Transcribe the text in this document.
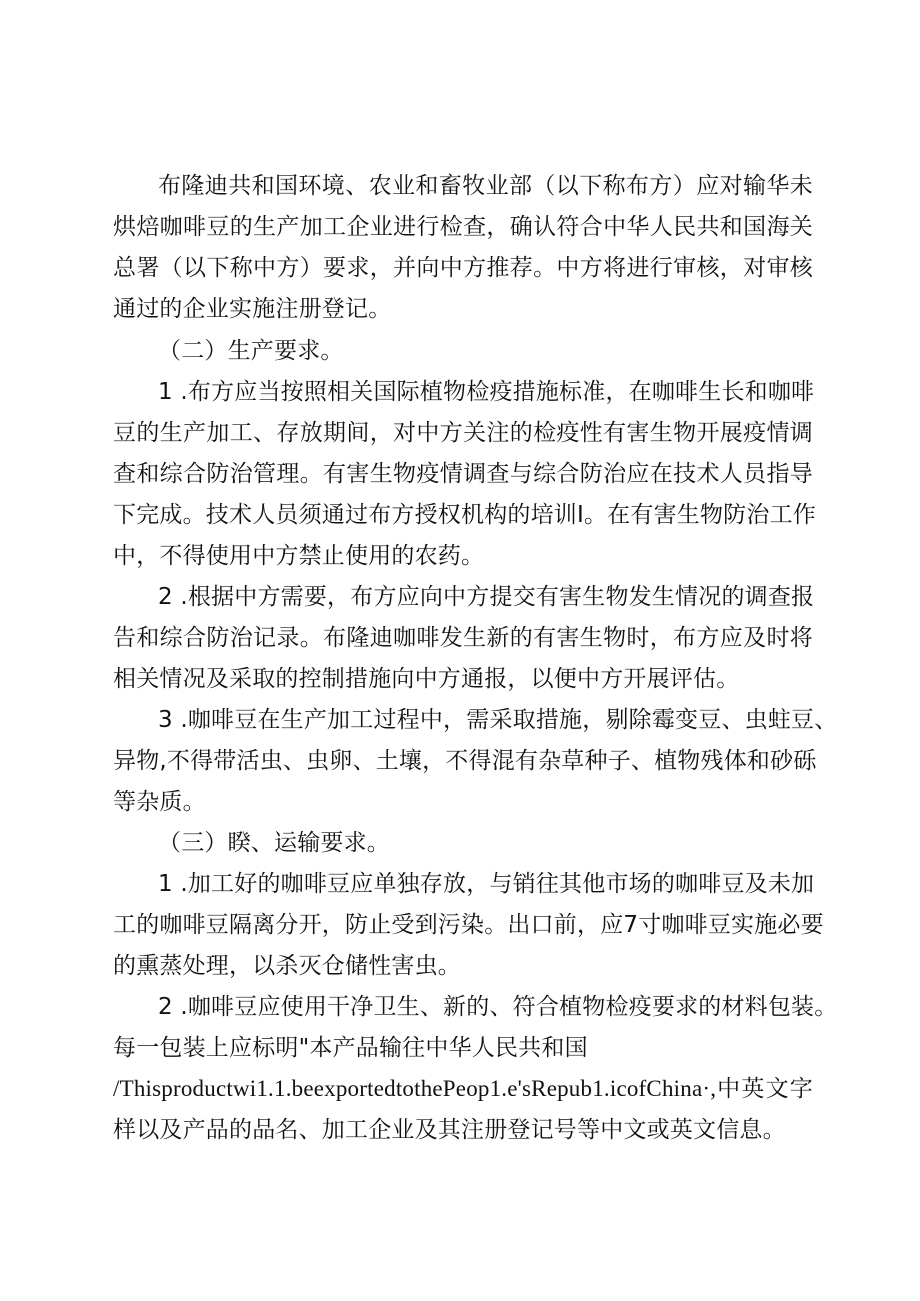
布隆迪共和国环境、农业和畜牧业部（以下称布方）应对输华未
烘焙咖啡豆的生产加工企业进行检查，确认符合中华人民共和国海关
总署（以下称中方）要求，并向中方推荐。中方将进行审核，对审核
通过的企业实施注册登记。
（二）生产要求。
1 .布方应当按照相关国际植物检疫措施标准，在咖啡生长和咖啡
豆的生产加工、存放期间，对中方关注的检疫性有害生物开展疫情调
查和综合防治管理。有害生物疫情调查与综合防治应在技术人员指导
下完成。技术人员须通过布方授权机构的培训I。在有害生物防治工作
中，不得使用中方禁止使用的农药。
2 .根据中方需要，布方应向中方提交有害生物发生情况的调查报
告和综合防治记录。布隆迪咖啡发生新的有害生物时，布方应及时将
相关情况及采取的控制措施向中方通报，以便中方开展评估。
3 .咖啡豆在生产加工过程中，需采取措施，剔除霉变豆、虫蛀豆、
异物,不得带活虫、虫卵、土壤，不得混有杂草种子、植物残体和砂砾
等杂质。
（三）睽、运输要求。
1 .加工好的咖啡豆应单独存放，与销往其他市场的咖啡豆及未加
工的咖啡豆隔离分开，防止受到污染。出口前，应7寸咖啡豆实施必要
的熏蒸处理，以杀灭仓储性害虫。
2 .咖啡豆应使用干净卫生、新的、符合植物检疫要求的材料包装。
每一包装上应标明"本产品输往中华人民共和国
/Thisproductwi1.1.beexportedtothePeop1.e'sRepub1.icofChina·,中英文字
样以及产品的品名、加工企业及其注册登记号等中文或英文信息。
